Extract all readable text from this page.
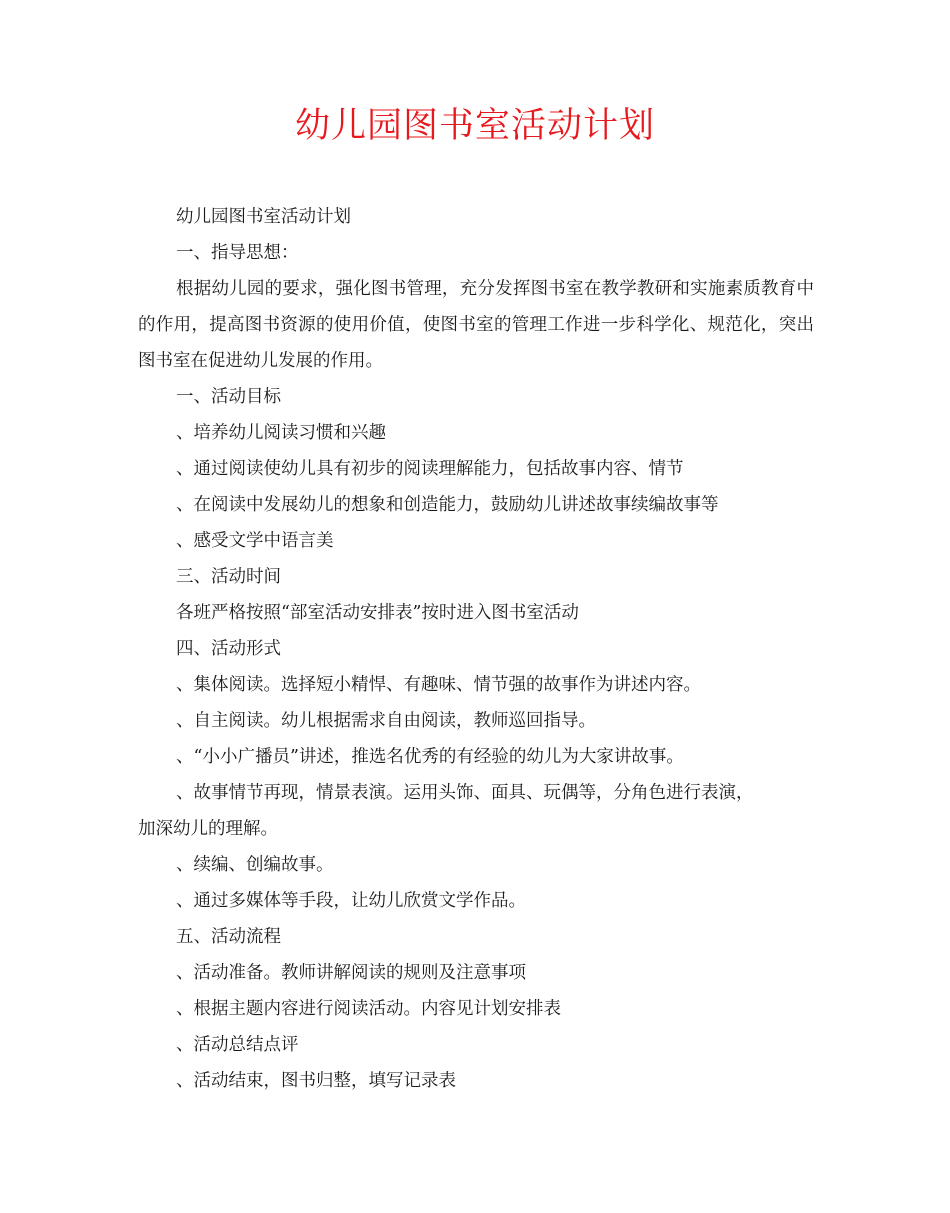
幼儿园图书室活动计划
幼儿园图书室活动计划
一、指导思想：
根据幼儿园的要求，强化图书管理，充分发挥图书室在教学教研和实施素质教育中的作用，提高图书资源的使用价值，使图书室的管理工作进一步科学化、规范化，突出图书室在促进幼儿发展的作用。
一、活动目标
、培养幼儿阅读习惯和兴趣
、通过阅读使幼儿具有初步的阅读理解能力，包括故事内容、情节
、在阅读中发展幼儿的想象和创造能力，鼓励幼儿讲述故事续编故事等
、感受文学中语言美
三、活动时间
各班严格按照“部室活动安排表”按时进入图书室活动
四、活动形式
、集体阅读。选择短小精悍、有趣味、情节强的故事作为讲述内容。
、自主阅读。幼儿根据需求自由阅读，教师巡回指导。
、“小小广播员”讲述，推选名优秀的有经验的幼儿为大家讲故事。
、故事情节再现，情景表演。运用头饰、面具、玩偶等，分角色进行表演，
加深幼儿的理解。
、续编、创编故事。
、通过多媒体等手段，让幼儿欣赏文学作品。
五、活动流程
、活动准备。教师讲解阅读的规则及注意事项
、根据主题内容进行阅读活动。内容见计划安排表
、活动总结点评
、活动结束，图书归整，填写记录表
